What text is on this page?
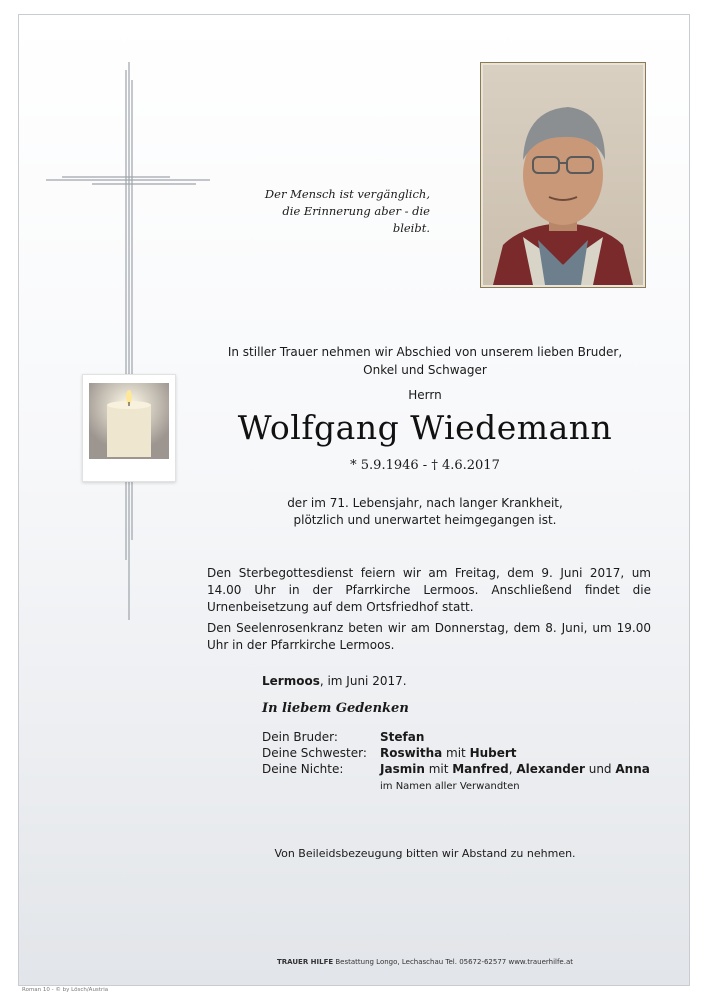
Der Mensch ist vergänglich,
die Erinnerung aber - die bleibt.
In stiller Trauer nehmen wir Abschied von unserem lieben Bruder,
Onkel und Schwager
Herrn
Wolfgang Wiedemann
* 5.9.1946 - † 4.6.2017
der im 71. Lebensjahr, nach langer Krankheit,
plötzlich und unerwartet heimgegangen ist.
Den Sterbegottesdienst feiern wir am Freitag, dem 9. Juni 2017, um 14.00 Uhr in der Pfarrkirche Lermoos. Anschließend findet die Urnenbeisetzung auf dem Ortsfriedhof statt.
Den Seelenrosenkranz beten wir am Donnerstag, dem 8. Juni, um 19.00 Uhr in der Pfarrkirche Lermoos.
Lermoos, im Juni 2017.
In liebem Gedenken
Dein Bruder:	Stefan
Deine Schwester: Roswitha mit Hubert
Deine Nichte:	Jasmin mit Manfred, Alexander und Anna
im Namen aller Verwandten
Von Beileidsbezeugung bitten wir Abstand zu nehmen.
TRAUER HILFE Bestattung Longo, Lechaschau Tel. 05672-62577 www.trauerhilfe.at
Roman 10 - © by Lösch/Austria
